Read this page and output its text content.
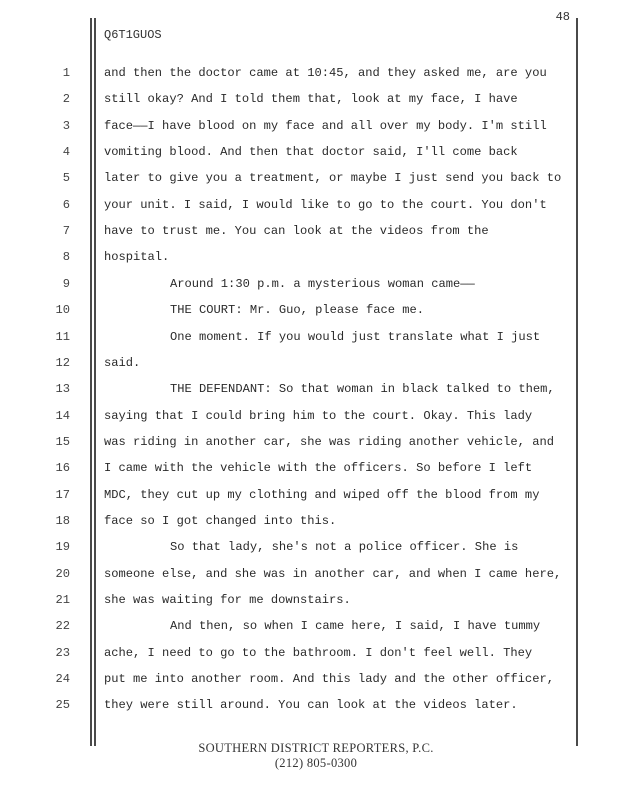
48
Q6T1GUOS
1	and then the doctor came at 10:45, and they asked me, are you
2	still okay? And I told them that, look at my face, I have
3	face——I have blood on my face and all over my body. I'm still
4	vomiting blood. And then that doctor said, I'll come back
5	later to give you a treatment, or maybe I just send you back to
6	your unit. I said, I would like to go to the court. You don't
7	have to trust me. You can look at the videos from the
8	hospital.
9	Around 1:30 p.m. a mysterious woman came——
10	THE COURT: Mr. Guo, please face me.
11	One moment. If you would just translate what I just
12	said.
13	THE DEFENDANT: So that woman in black talked to them,
14	saying that I could bring him to the court. Okay. This lady
15	was riding in another car, she was riding another vehicle, and
16	I came with the vehicle with the officers. So before I left
17	MDC, they cut up my clothing and wiped off the blood from my
18	face so I got changed into this.
19	So that lady, she's not a police officer. She is
20	someone else, and she was in another car, and when I came here,
21	she was waiting for me downstairs.
22	And then, so when I came here, I said, I have tummy
23	ache, I need to go to the bathroom. I don't feel well. They
24	put me into another room. And this lady and the other officer,
25	they were still around. You can look at the videos later.
SOUTHERN DISTRICT REPORTERS, P.C.
(212) 805-0300
